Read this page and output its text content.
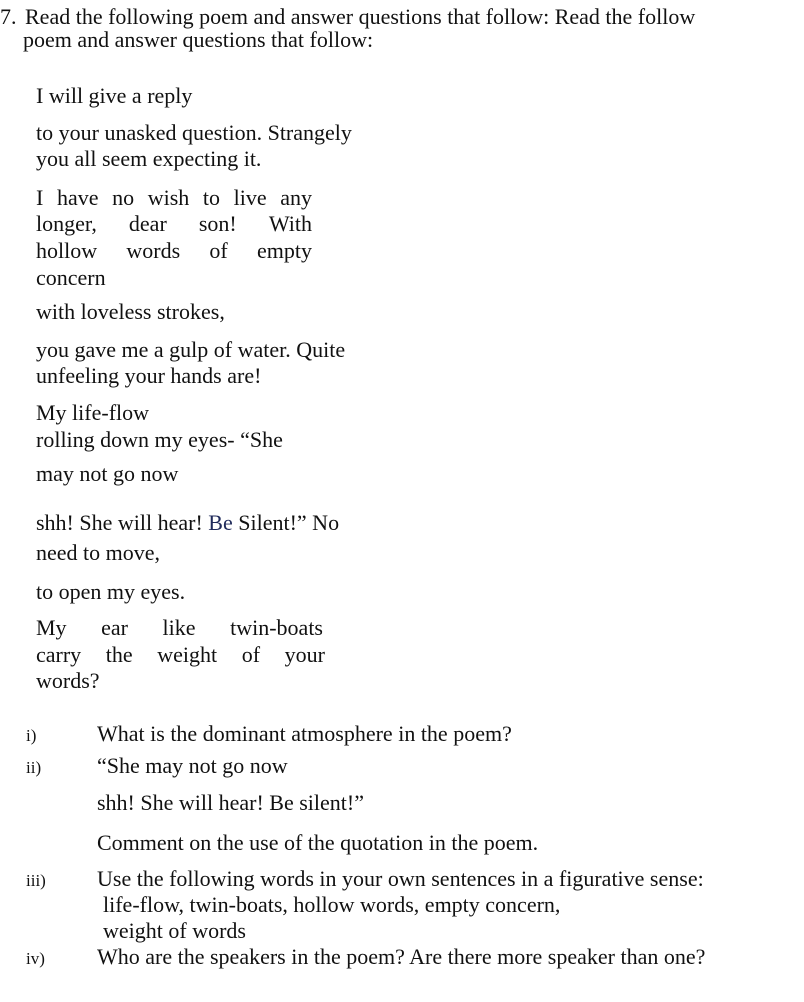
7. Read the following poem and answer questions that follow: Read the follow
poem and answer questions that follow:
I will give a reply
to your unasked question. Strangely
you all seem expecting it.
I have no wish to live any
longer, dear son! With
hollow words of empty
concern
with loveless strokes,
you gave me a gulp of water. Quite
unfeeling your hands are!
My life-flow
rolling down my eyes- “She
may not go now
shh! She will hear! Be Silent!” No
need to move,
to open my eyes.
My ear like twin-boats
carry the weight of your
words?
i)	What is the dominant atmosphere in the poem?
ii)	“She may not go now
shh! She will hear! Be silent!”
Comment on the use of the quotation in the poem.
iii) Use the following words in your own sentences in a figurative sense:
life-flow, twin-boats, hollow words, empty concern,
weight of words
iv) Who are the speakers in the poem? Are there more speaker than one?
